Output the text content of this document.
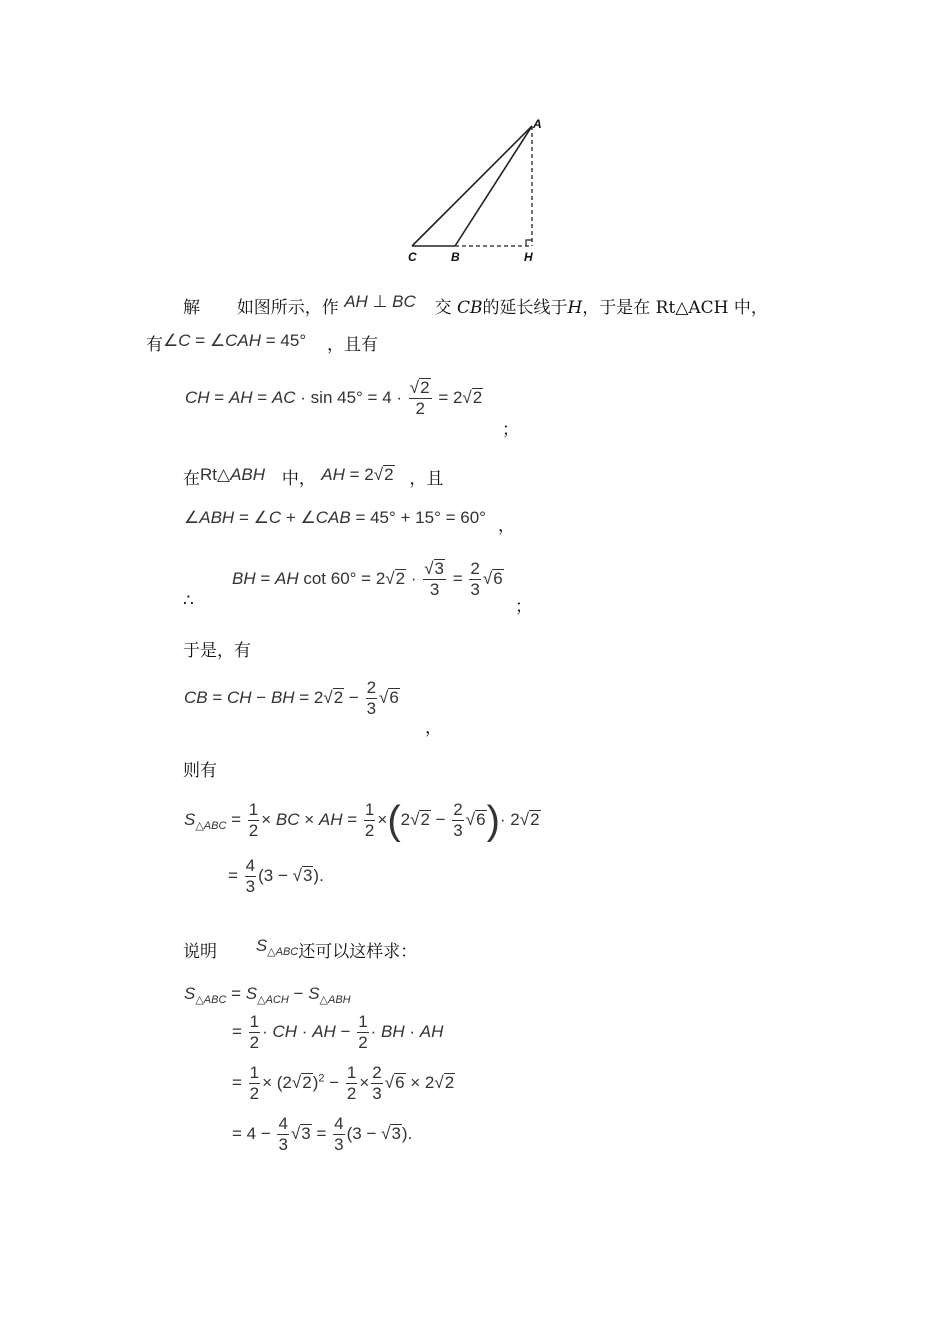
A
C	B	H
解 如图所示，作 AH ⊥ BC 交 CB的延长线于H，于是在 Rt△ACH 中，
有∠C = ∠CAH = 45° ，且有
CH = AH = AC · $\sin 45^\circ = 4 \cdot \frac{√2}{2} = 2√2$
；
在Rt△ABH 中， AH = 2√2 ，且
∠ABH = ∠C + ∠CAB = 45° + 15° = 60° ，
∴
BH = AH $\cot 60^\circ = 2√2 \cdot \frac{√3}{3} = \frac{2}{3} √6$
；
于是，有
CB = CH − BH = $2√2 - \frac{2}{3} √6$
，
则有
$S_{\triangle ABC} = \frac{1}{2}$ × BC × AH = $\frac{1}{2} \times(2√2 - \frac{2}{3} √6)\cdot 2√2$
= $\frac{4}{3} (3 - √3)$.
说明 $S_{\triangle ABC}$还可以这样求：
$S_{\triangle ABC} = S_{\triangle ACH} - S_{\triangle ABH}$
= $\frac{1}{2}$ · CH · AH − $\frac{1}{2}$ · BH · AH
= $\frac{1}{2} \times (2√2)^2 - \frac{1}{2} \times \frac{2}{3} √6 \times 2√2$
= $4 - \frac{4}{3} √3 = \frac{4}{3} (3 - √3)$.
